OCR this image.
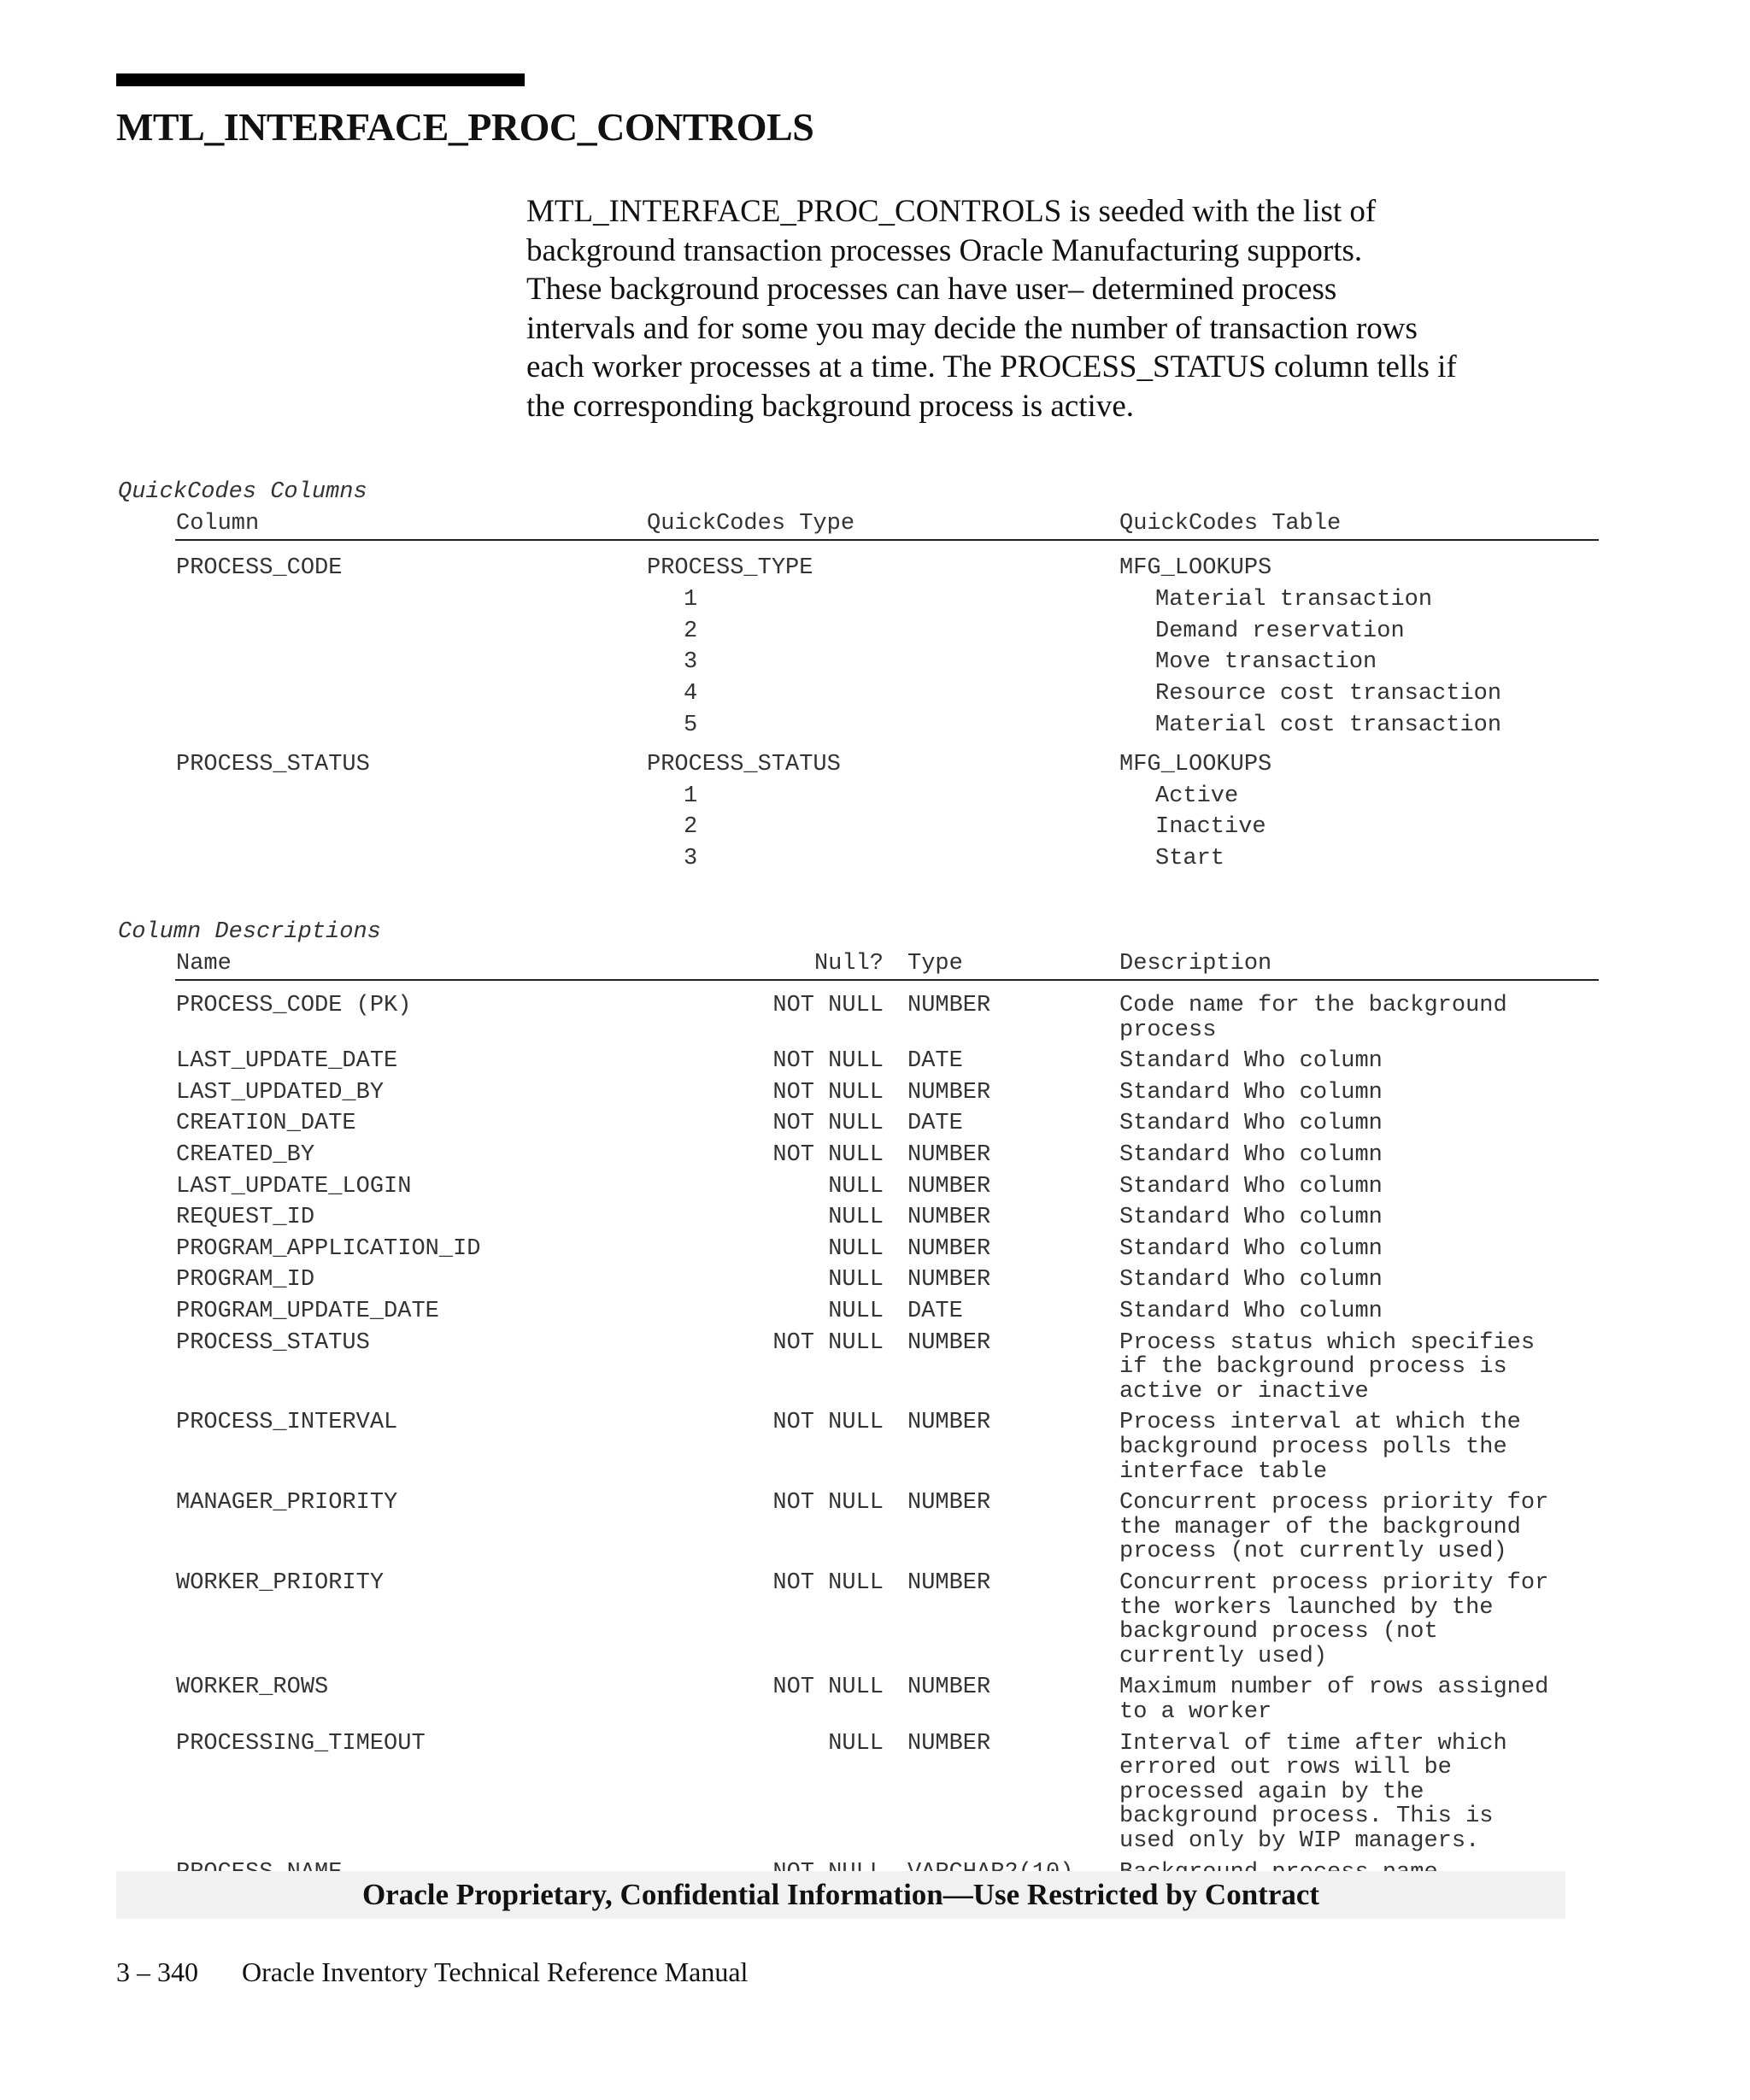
MTL_INTERFACE_PROC_CONTROLS
MTL_INTERFACE_PROC_CONTROLS is seeded with the list of
background transaction processes Oracle Manufacturing supports.
These background processes can have user– determined process
intervals and for some you may decide the number of transaction rows
each worker processes at a time. The PROCESS_STATUS column tells if
the corresponding background process is active.
QuickCodes Columns
Column	QuickCodes Type	QuickCodes Table
PROCESS_CODE	PROCESS_TYPE	MFG_LOOKUPS
1	Material transaction
2	Demand reservation
3	Move transaction
4	Resource cost transaction
5	Material cost transaction
PROCESS_STATUS	PROCESS_STATUS	MFG_LOOKUPS
1	Active
2	Inactive
3	Start
Column Descriptions
Name	Null? Type	Description
PROCESS_CODE (PK)	NOT NULL NUMBER	Code name for the background
process
LAST_UPDATE_DATE	NOT NULL DATE	Standard Who column
LAST_UPDATED_BY	NOT NULL NUMBER	Standard Who column
CREATION_DATE	NOT NULL DATE	Standard Who column
CREATED_BY	NOT NULL NUMBER	Standard Who column
LAST_UPDATE_LOGIN	NULL NUMBER	Standard Who column
REQUEST_ID	NULL NUMBER	Standard Who column
PROGRAM_APPLICATION_ID	NULL NUMBER	Standard Who column
PROGRAM_ID	NULL NUMBER	Standard Who column
PROGRAM_UPDATE_DATE	NULL DATE	Standard Who column
PROCESS_STATUS	NOT NULL NUMBER	Process status which specifies
if the background process is
active or inactive
PROCESS_INTERVAL	NOT NULL NUMBER	Process interval at which the
background process polls the
interface table
MANAGER_PRIORITY	NOT NULL NUMBER	Concurrent process priority for
the manager of the background
process (not currently used)
WORKER_PRIORITY	NOT NULL NUMBER	Concurrent process priority for
the workers launched by the
background process (not
currently used)
WORKER_ROWS	NOT NULL NUMBER	Maximum number of rows assigned
to a worker
PROCESSING_TIMEOUT	NULL NUMBER	Interval of time after which
errored out rows will be
processed again by the
background process. This is
used only by WIP managers.
Oracle Proprietary, Confidential Information––Use Restricted by Contract
3 – 340 Oracle Inventory Technical Reference Manual
